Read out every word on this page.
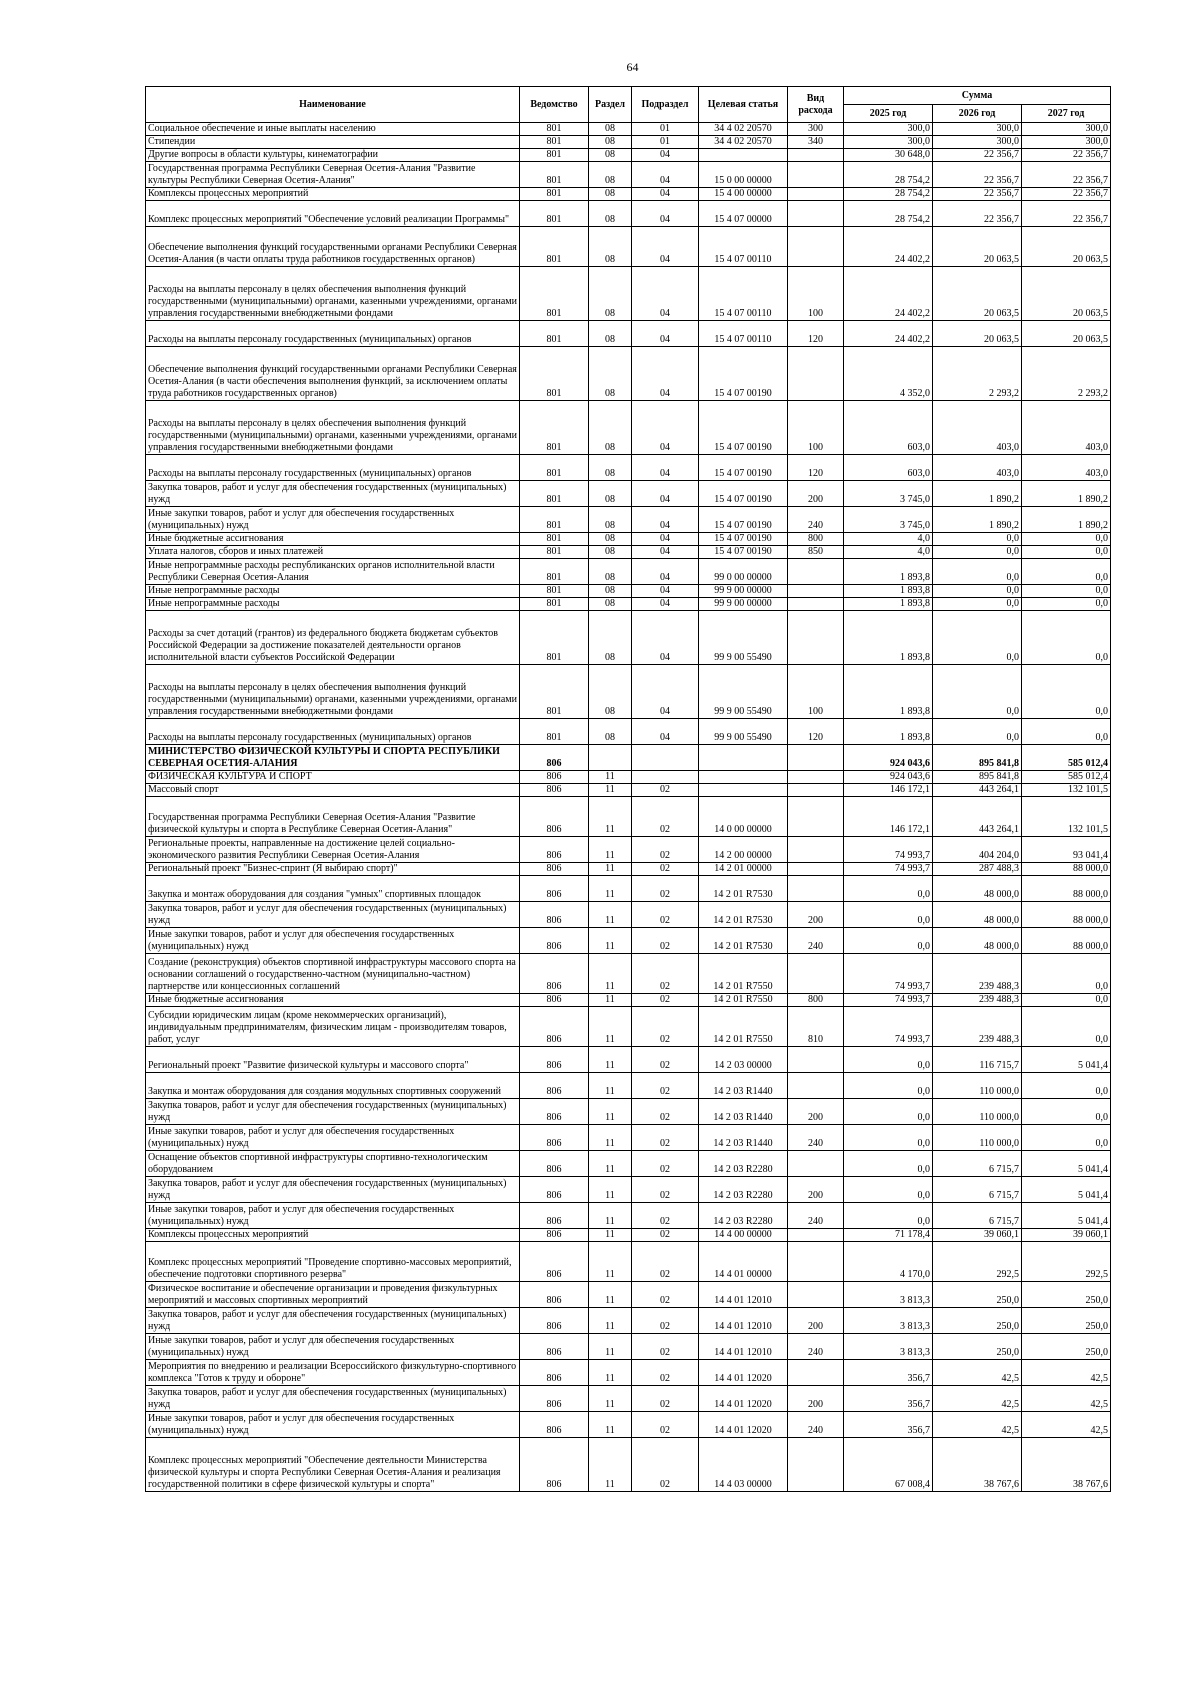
64
Наименование	Ведомство	Раздел	Подраздел	Целевая статья	Вид расхода	Сумма		
						2025 год	2026 год	2027 год
Социальное обеспечение и иные выплаты населению	801	08	01	34 4 02 20570	300	300,0	300,0	300,0
Стипендии	801	08	01	34 4 02 20570	340	300,0	300,0	300,0
Другие вопросы в области культуры, кинематографии	801	08	04			30 648,0	22 356,7	22 356,7
Государственная программа Республики Северная Осетия-Алания "Развитие культуры Республики Северная Осетия-Алания"	801	08	04	15 0 00 00000		28 754,2	22 356,7	22 356,7
Комплексы процессных мероприятий	801	08	04	15 4 00 00000		28 754,2	22 356,7	22 356,7
Комплекс процессных мероприятий "Обеспечение условий реализации Программы"	801	08	04	15 4 07 00000		28 754,2	22 356,7	22 356,7
Обеспечение выполнения функций государственными органами Республики Северная Осетия-Алания (в части оплаты труда работников государственных органов)	801	08	04	15 4 07 00110		24 402,2	20 063,5	20 063,5
Расходы на выплаты персоналу в целях обеспечения выполнения функций государственными (муниципальными) органами, казенными учреждениями, органами управления государственными внебюджетными фондами	801	08	04	15 4 07 00110	100	24 402,2	20 063,5	20 063,5
Расходы на выплаты персоналу государственных (муниципальных) органов	801	08	04	15 4 07 00110	120	24 402,2	20 063,5	20 063,5
Обеспечение выполнения функций государственными органами Республики Северная Осетия-Алания (в части обеспечения выполнения функций, за исключением оплаты труда работников государственных органов)	801	08	04	15 4 07 00190		4 352,0	2 293,2	2 293,2
Расходы на выплаты персоналу в целях обеспечения выполнения функций государственными (муниципальными) органами, казенными учреждениями, органами управления государственными внебюджетными фондами	801	08	04	15 4 07 00190	100	603,0	403,0	403,0
Расходы на выплаты персоналу государственных (муниципальных) органов	801	08	04	15 4 07 00190	120	603,0	403,0	403,0
Закупка товаров, работ и услуг для обеспечения государственных (муниципальных) нужд	801	08	04	15 4 07 00190	200	3 745,0	1 890,2	1 890,2
Иные закупки товаров, работ и услуг для обеспечения государственных (муниципальных) нужд	801	08	04	15 4 07 00190	240	3 745,0	1 890,2	1 890,2
Иные бюджетные ассигнования	801	08	04	15 4 07 00190	800	4,0	0,0	0,0
Уплата налогов, сборов и иных платежей	801	08	04	15 4 07 00190	850	4,0	0,0	0,0
Иные непрограммные расходы республиканских органов исполнительной власти Республики Северная Осетия-Алания	801	08	04	99 0 00 00000		1 893,8	0,0	0,0
Иные непрограммные расходы	801	08	04	99 9 00 00000		1 893,8	0,0	0,0
Иные непрограммные расходы	801	08	04	99 9 00 00000		1 893,8	0,0	0,0
Расходы за счет дотаций (грантов) из федерального бюджета бюджетам субъектов Российской Федерации за достижение показателей деятельности органов исполнительной власти субъектов Российской Федерации	801	08	04	99 9 00 55490		1 893,8	0,0	0,0
Расходы на выплаты персоналу в целях обеспечения выполнения функций государственными (муниципальными) органами, казенными учреждениями, органами управления государственными внебюджетными фондами	801	08	04	99 9 00 55490	100	1 893,8	0,0	0,0
Расходы на выплаты персоналу государственных (муниципальных) органов	801	08	04	99 9 00 55490	120	1 893,8	0,0	0,0
МИНИСТЕРСТВО ФИЗИЧЕСКОЙ КУЛЬТУРЫ И СПОРТА РЕСПУБЛИКИ СЕВЕРНАЯ ОСЕТИЯ-АЛАНИЯ	806					924 043,6	895 841,8	585 012,4
ФИЗИЧЕСКАЯ КУЛЬТУРА И СПОРТ	806	11				924 043,6	895 841,8	585 012,4
Массовый спорт	806	11	02			146 172,1	443 264,1	132 101,5
Государственная программа Республики Северная Осетия-Алания "Развитие физической культуры и спорта в Республике Северная Осетия-Алания"	806	11	02	14 0 00 00000		146 172,1	443 264,1	132 101,5
Региональные проекты, направленные на достижение целей социально-экономического развития Республики Северная Осетия-Алания	806	11	02	14 2 00 00000		74 993,7	404 204,0	93 041,4
Региональный проект "Бизнес-спринт (Я выбираю спорт)"	806	11	02	14 2 01 00000		74 993,7	287 488,3	88 000,0
Закупка и монтаж оборудования для создания "умных" спортивных площадок	806	11	02	14 2 01 R7530		0,0	48 000,0	88 000,0
Закупка товаров, работ и услуг для обеспечения государственных (муниципальных) нужд	806	11	02	14 2 01 R7530	200	0,0	48 000,0	88 000,0
Иные закупки товаров, работ и услуг для обеспечения государственных (муниципальных) нужд	806	11	02	14 2 01 R7530	240	0,0	48 000,0	88 000,0
Создание (реконструкция) объектов спортивной инфраструктуры массового спорта на основании соглашений о государственно-частном (муниципально-частном) партнерстве или концессионных соглашений	806	11	02	14 2 01 R7550		74 993,7	239 488,3	0,0
Иные бюджетные ассигнования	806	11	02	14 2 01 R7550	800	74 993,7	239 488,3	0,0
Субсидии юридическим лицам (кроме некоммерческих организаций), индивидуальным предпринимателям, физическим лицам - производителям товаров, работ, услуг	806	11	02	14 2 01 R7550	810	74 993,7	239 488,3	0,0
Региональный проект "Развитие физической культуры и массового спорта"	806	11	02	14 2 03 00000		0,0	116 715,7	5 041,4
Закупка и монтаж оборудования для создания модульных спортивных сооружений	806	11	02	14 2 03 R1440		0,0	110 000,0	0,0
Закупка товаров, работ и услуг для обеспечения государственных (муниципальных) нужд	806	11	02	14 2 03 R1440	200	0,0	110 000,0	0,0
Иные закупки товаров, работ и услуг для обеспечения государственных (муниципальных) нужд	806	11	02	14 2 03 R1440	240	0,0	110 000,0	0,0
Оснащение объектов спортивной инфраструктуры спортивно-технологическим оборудованием	806	11	02	14 2 03 R2280		0,0	6 715,7	5 041,4
Закупка товаров, работ и услуг для обеспечения государственных (муниципальных) нужд	806	11	02	14 2 03 R2280	200	0,0	6 715,7	5 041,4
Иные закупки товаров, работ и услуг для обеспечения государственных (муниципальных) нужд	806	11	02	14 2 03 R2280	240	0,0	6 715,7	5 041,4
Комплексы процессных мероприятий	806	11	02	14 4 00 00000		71 178,4	39 060,1	39 060,1
Комплекс процессных мероприятий "Проведение спортивно-массовых мероприятий, обеспечение подготовки спортивного резерва"	806	11	02	14 4 01 00000		4 170,0	292,5	292,5
Физическое воспитание и обеспечение организации и проведения физкультурных мероприятий и массовых спортивных мероприятий	806	11	02	14 4 01 12010		3 813,3	250,0	250,0
Закупка товаров, работ и услуг для обеспечения государственных (муниципальных) нужд	806	11	02	14 4 01 12010	200	3 813,3	250,0	250,0
Иные закупки товаров, работ и услуг для обеспечения государственных (муниципальных) нужд	806	11	02	14 4 01 12010	240	3 813,3	250,0	250,0
Мероприятия по внедрению и реализации Всероссийского физкультурно-спортивного комплекса "Готов к труду и обороне"	806	11	02	14 4 01 12020		356,7	42,5	42,5
Закупка товаров, работ и услуг для обеспечения государственных (муниципальных) нужд	806	11	02	14 4 01 12020	200	356,7	42,5	42,5
Иные закупки товаров, работ и услуг для обеспечения государственных (муниципальных) нужд	806	11	02	14 4 01 12020	240	356,7	42,5	42,5
Комплекс процессных мероприятий "Обеспечение деятельности Министерства физической культуры и спорта Республики Северная Осетия-Алания и реализация государственной политики в сфере физической культуры и спорта"	806	11	02	14 4 03 00000		67 008,4	38 767,6	38 767,6
